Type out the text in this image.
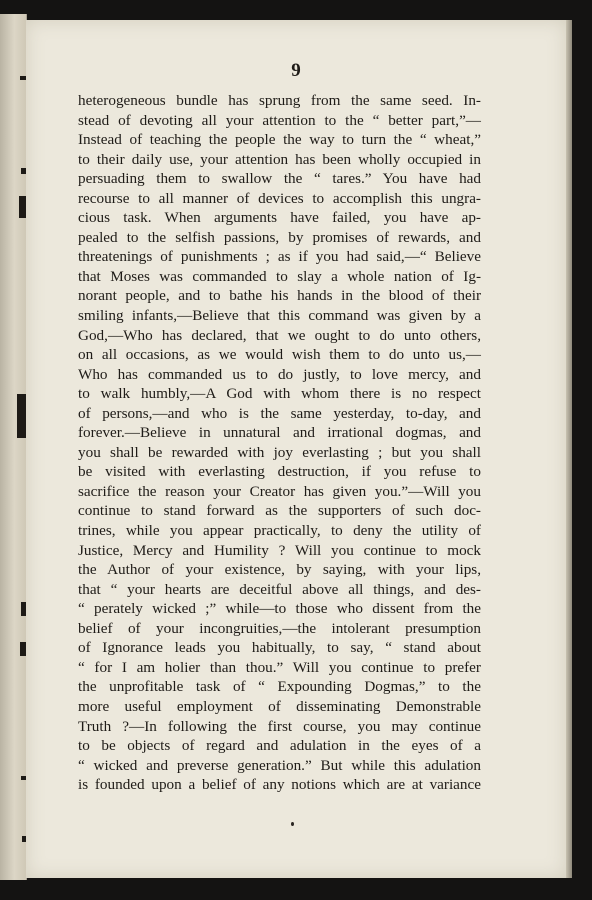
9
heterogeneous bundle has sprung from the same seed. In-
stead of devoting all your attention to the “ better part,”—
Instead of teaching the people the way to turn the “ wheat,”
to their daily use, your attention has been wholly occupied in
persuading them to swallow the “ tares.” You have had
recourse to all manner of devices to accomplish this ungra-
cious task. When arguments have failed, you have ap-
pealed to the selfish passions, by promises of rewards, and
threatenings of punishments ; as if you had said,—“ Believe
that Moses was commanded to slay a whole nation of Ig-
norant people, and to bathe his hands in the blood of their
smiling infants,—Believe that this command was given by a
God,—Who has declared, that we ought to do unto others,
on all occasions, as we would wish them to do unto us,—
Who has commanded us to do justly, to love mercy, and
to walk humbly,—A God with whom there is no respect
of persons,—and who is the same yesterday, to-day, and
forever.—Believe in unnatural and irrational dogmas, and
you shall be rewarded with joy everlasting ; but you shall
be visited with everlasting destruction, if you refuse to
sacrifice the reason your Creator has given you.”—Will you
continue to stand forward as the supporters of such doc-
trines, while you appear practically, to deny the utility of
Justice, Mercy and Humility ? Will you continue to mock
the Author of your existence, by saying, with your lips,
that “ your hearts are deceitful above all things, and des-
“ perately wicked ;” while—to those who dissent from the
belief of your incongruities,—the intolerant presumption
of Ignorance leads you habitually, to say, “ stand about
“ for I am holier than thou.” Will you continue to prefer
the unprofitable task of “ Expounding Dogmas,” to the
more useful employment of disseminating Demonstrable
Truth ?—In following the first course, you may continue
to be objects of regard and adulation in the eyes of a
“ wicked and preverse generation.” But while this adulation
is founded upon a belief of any notions which are at variance
